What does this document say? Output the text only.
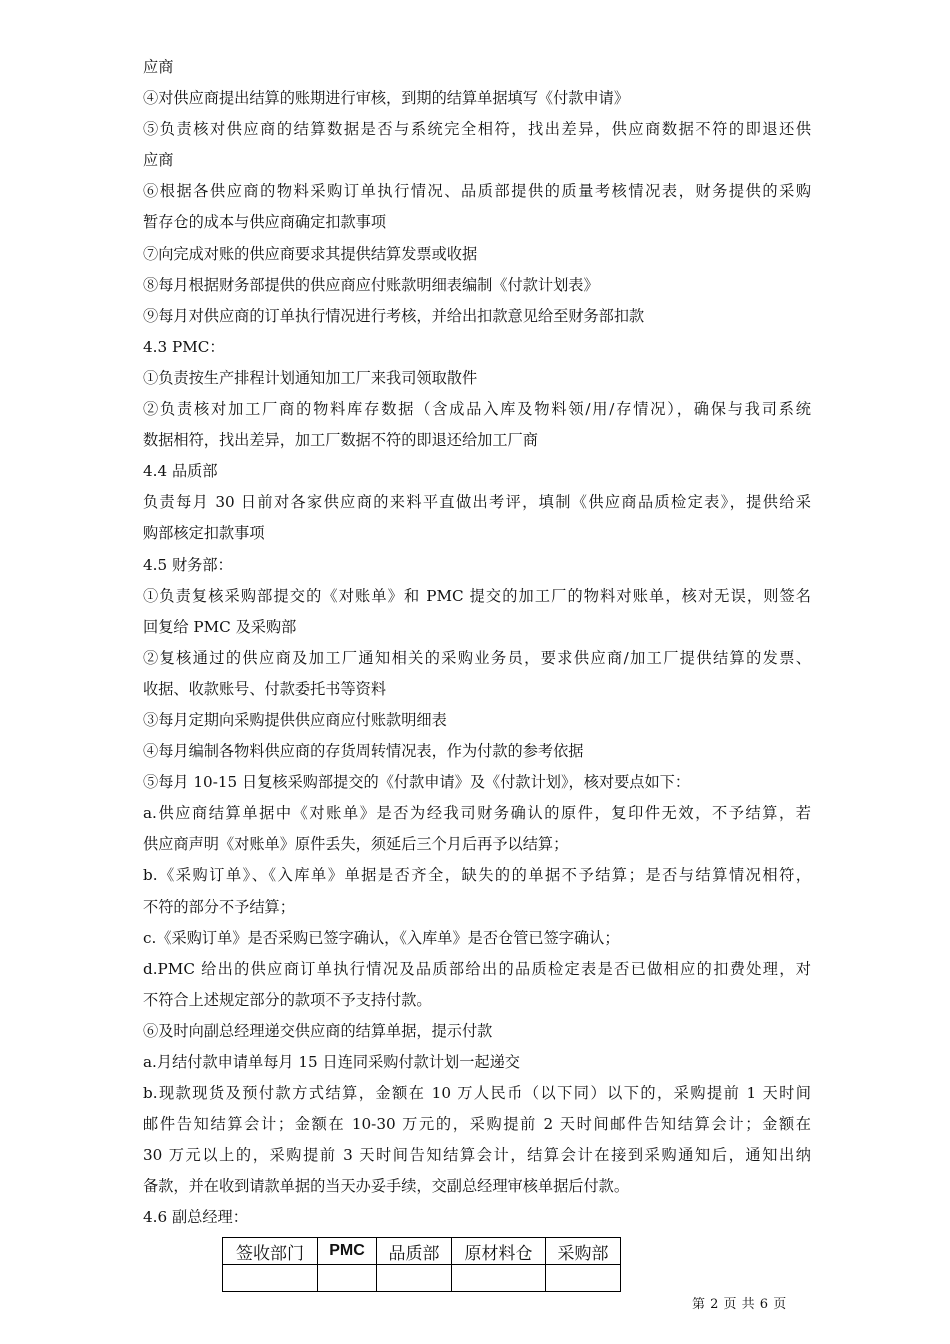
应商
④对供应商提出结算的账期进行审核，到期的结算单据填写《付款申请》
⑤负责核对供应商的结算数据是否与系统完全相符，找出差异，供应商数据不符的即退还供
应商
⑥根据各供应商的物料采购订单执行情况、品质部提供的质量考核情况表，财务提供的采购
暂存仓的成本与供应商确定扣款事项
⑦向完成对账的供应商要求其提供结算发票或收据
⑧每月根据财务部提供的供应商应付账款明细表编制《付款计划表》
⑨每月对供应商的订单执行情况进行考核，并给出扣款意见给至财务部扣款
4.3 PMC：
①负责按生产排程计划通知加工厂来我司领取散件
②负责核对加工厂商的物料库存数据（含成品入库及物料领/用/存情况），确保与我司系统
数据相符，找出差异，加工厂数据不符的即退还给加工厂商
4.4 品质部
负责每月 30 日前对各家供应商的来料平直做出考评，填制《供应商品质检定表》，提供给采
购部核定扣款事项
4.5 财务部：
①负责复核采购部提交的《对账单》和 PMC 提交的加工厂的物料对账单，核对无误，则签名
回复给 PMC 及采购部
②复核通过的供应商及加工厂通知相关的采购业务员，要求供应商/加工厂提供结算的发票、
收据、收款账号、付款委托书等资料
③每月定期向采购提供供应商应付账款明细表
④每月编制各物料供应商的存货周转情况表，作为付款的参考依据
⑤每月 10-15 日复核采购部提交的《付款申请》及《付款计划》，核对要点如下：
a.供应商结算单据中《对账单》是否为经我司财务确认的原件，复印件无效，不予结算，若
供应商声明《对账单》原件丢失，须延后三个月后再予以结算；
b.《采购订单》、《入库单》单据是否齐全，缺失的的单据不予结算；是否与结算情况相符，
不符的部分不予结算；
c.《采购订单》是否采购已签字确认，《入库单》是否仓管已签字确认；
d.PMC 给出的供应商订单执行情况及品质部给出的品质检定表是否已做相应的扣费处理，对
不符合上述规定部分的款项不予支持付款。
⑥及时向副总经理递交供应商的结算单据，提示付款
a.月结付款申请单每月 15 日连同采购付款计划一起递交
b.现款现货及预付款方式结算，金额在 10 万人民币（以下同）以下的，采购提前 1 天时间
邮件告知结算会计；金额在 10-30 万元的，采购提前 2 天时间邮件告知结算会计；金额在
30 万元以上的，采购提前 3 天时间告知结算会计，结算会计在接到采购通知后，通知出纳
备款，并在收到请款单据的当天办妥手续，交副总经理审核单据后付款。
4.6 副总经理：
签收部门	PMC	品质部	原材料仓	采购部

第 2 页 共 6 页
